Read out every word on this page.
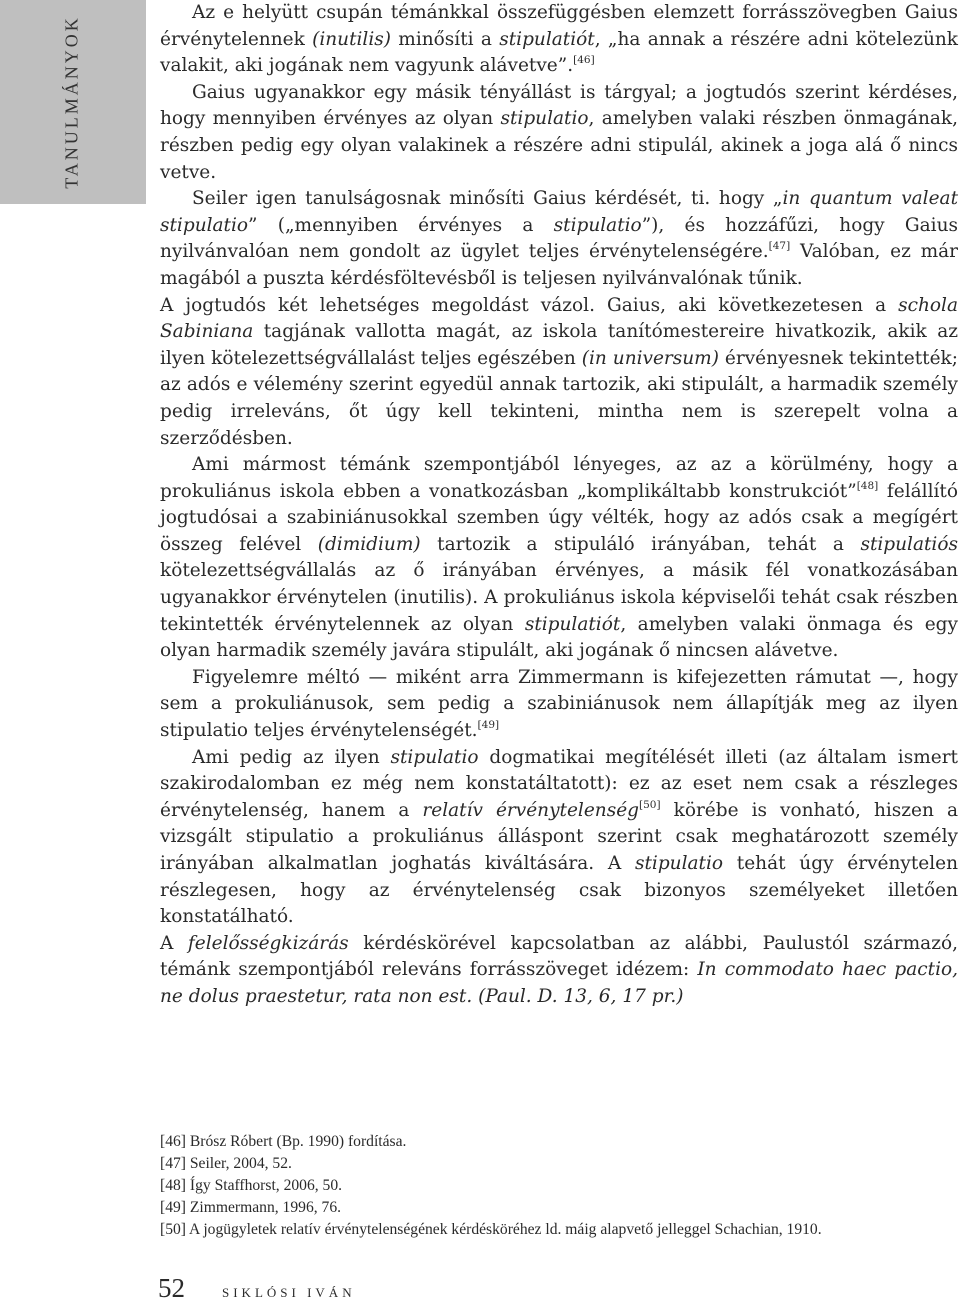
TANULMÁNYOK

Az e helyütt csupán témánkkal összefüggésben elemzett forrásszövegben Gaius érvénytelennek (inutilis) minősíti a stipulatiót, „ha annak a részére adni kötelezünk valakit, aki jogának nem vagyunk alávetve”.[46]

Gaius ugyanakkor egy másik tényállást is tárgyal; a jogtudós szerint kérdéses, hogy mennyiben érvényes az olyan stipulatio, amelyben valaki részben önmagának, részben pedig egy olyan valakinek a részére adni stipulál, akinek a joga alá ő nincs vetve.

Seiler igen tanulságosnak minősíti Gaius kérdését, ti. hogy „in quantum valeat stipulatio” („mennyiben érvényes a stipulatio”), és hozzáfűzi, hogy Gaius nyilvánvalóan nem gondolt az ügylet teljes érvénytelenségére.[47] Valóban, ez már magából a puszta kérdésföltevésből is teljesen nyilvánvalónak tűnik.

A jogtudós két lehetséges megoldást vázol. Gaius, aki következetesen a schola Sabiniana tagjának vallotta magát, az iskola tanítómestereire hivatkozik, akik az ilyen kötelezettségvállalást teljes egészében (in universum) érvényesnek tekintették; az adós e vélemény szerint egyedül annak tartozik, aki stipulált, a harmadik személy pedig irreleváns, őt úgy kell tekinteni, mintha nem is szerepelt volna a szerződésben.

Ami mármost témánk szempontjából lényeges, az az a körülmény, hogy a prokuliánus iskola ebben a vonatkozásban „komplikáltabb konstrukciót”[48] felállító jogtudósai a szabiniánusokkal szemben úgy vélték, hogy az adós csak a megígért összeg felével (dimidium) tartozik a stipuláló irányában, tehát a stipulatiós kötelezettségvállalás az ő irányában érvényes, a másik fél vonatkozásában ugyanakkor érvénytelen (inutilis). A prokuliánus iskola képviselői tehát csak részben tekintették érvénytelennek az olyan stipulatiót, amelyben valaki önmaga és egy olyan harmadik személy javára stipulált, aki jogának ő nincsen alávetve.

Figyelemre méltó — miként arra Zimmermann is kifejezetten rámutat —, hogy sem a prokuliánusok, sem pedig a szabiniánusok nem állapítják meg az ilyen stipulatio teljes érvénytelenségét.[49]

Ami pedig az ilyen stipulatio dogmatikai megítélését illeti (az általam ismert szakirodalomban ez még nem konstatáltatott): ez az eset nem csak a részleges érvénytelenség, hanem a relatív érvénytelenség[50] körébe is vonható, hiszen a vizsgált stipulatio a prokuliánus álláspont szerint csak meghatározott személy irányában alkalmatlan joghatás kiváltására. A stipulatio tehát úgy érvénytelen részlegesen, hogy az érvénytelenség csak bizonyos személyeket illetően konstatálható.

A felelősségkizárás kérdéskörével kapcsolatban az alábbi, Paulustól származó, témánk szempontjából releváns forrásszöveget idézem: In commodato haec pactio, ne dolus praestetur, rata non est. (Paul. D. 13, 6, 17 pr.)

[46] Brósz Róbert (Bp. 1990) fordítása.

[47] Seiler, 2004, 52.

[48] Így Staffhorst, 2006, 50.

[49] Zimmermann, 1996, 76.

[50] A jogügyletek relatív érvénytelenségének kérdésköréhez ld. máig alapvető jelleggel Schachian, 1910.

52	SIKLÓSI IVÁN
